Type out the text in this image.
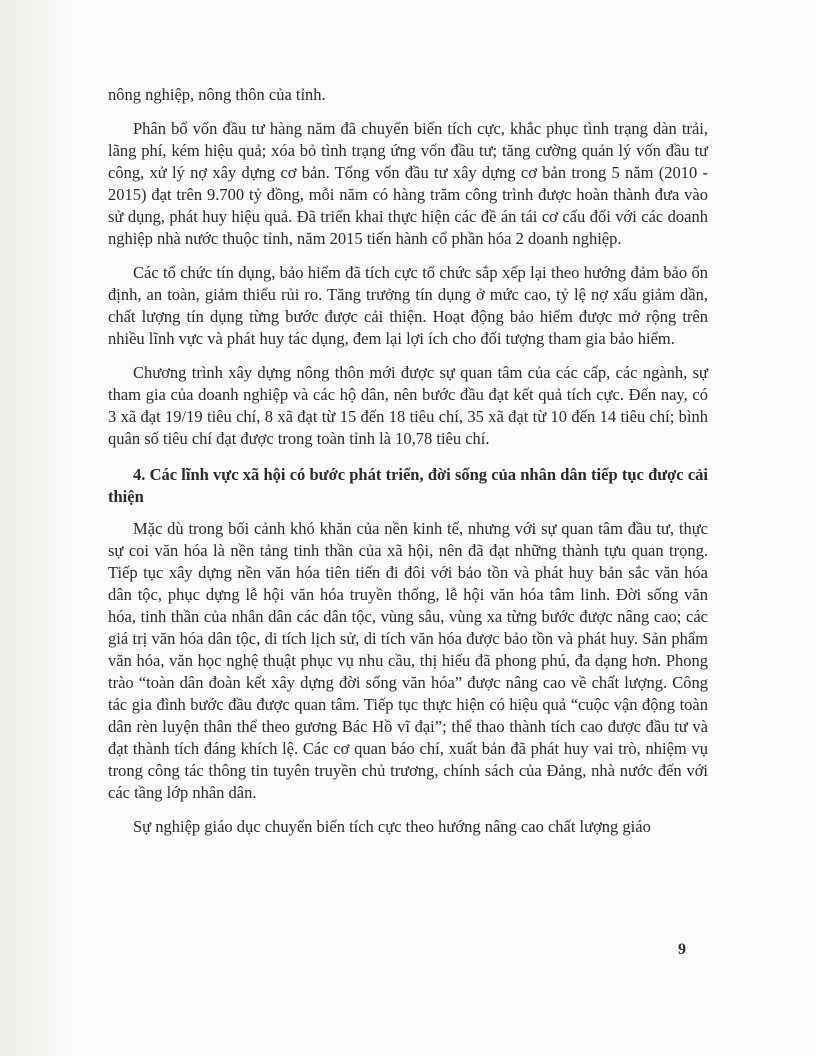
nông nghiệp, nông thôn của tỉnh.

Phân bổ vốn đầu tư hàng năm đã chuyển biến tích cực, khắc phục tình trạng dàn trải, lãng phí, kém hiệu quả; xóa bỏ tình trạng ứng vốn đầu tư; tăng cường quản lý vốn đầu tư công, xử lý nợ xây dựng cơ bản. Tổng vốn đầu tư xây dựng cơ bản trong 5 năm (2010 - 2015) đạt trên 9.700 tỷ đồng, mỗi năm có hàng trăm công trình được hoàn thành đưa vào sử dụng, phát huy hiệu quả. Đã triển khai thực hiện các đề án tái cơ cấu đối với các doanh nghiệp nhà nước thuộc tỉnh, năm 2015 tiến hành cổ phần hóa 2 doanh nghiệp.

Các tổ chức tín dụng, bảo hiểm đã tích cực tổ chức sắp xếp lại theo hướng đảm bảo ổn định, an toàn, giảm thiểu rủi ro. Tăng trưởng tín dụng ở mức cao, tỷ lệ nợ xấu giảm dần, chất lượng tín dụng từng bước được cải thiện. Hoạt động bảo hiểm được mở rộng trên nhiều lĩnh vực và phát huy tác dụng, đem lại lợi ích cho đối tượng tham gia bảo hiểm.

Chương trình xây dựng nông thôn mới được sự quan tâm của các cấp, các ngành, sự tham gia của doanh nghiệp và các hộ dân, nên bước đầu đạt kết quả tích cực. Đến nay, có 3 xã đạt 19/19 tiêu chí, 8 xã đạt từ 15 đến 18 tiêu chí, 35 xã đạt từ 10 đến 14 tiêu chí; bình quân số tiêu chí đạt được trong toàn tỉnh là 10,78 tiêu chí.

4. Các lĩnh vực xã hội có bước phát triển, đời sống của nhân dân tiếp tục được cải thiện

Mặc dù trong bối cảnh khó khăn của nền kinh tế, nhưng với sự quan tâm đầu tư, thực sự coi văn hóa là nền tảng tinh thần của xã hội, nên đã đạt những thành tựu quan trọng. Tiếp tục xây dựng nền văn hóa tiên tiến đi đôi với bảo tồn và phát huy bản sắc văn hóa dân tộc, phục dựng lễ hội văn hóa truyền thống, lễ hội văn hóa tâm linh. Đời sống văn hóa, tinh thần của nhân dân các dân tộc, vùng sâu, vùng xa từng bước được nâng cao; các giá trị văn hóa dân tộc, di tích lịch sử, di tích văn hóa được bảo tồn và phát huy. Sản phẩm văn hóa, văn học nghệ thuật phục vụ nhu cầu, thị hiếu đã phong phú, đa dạng hơn. Phong trào “toàn dân đoàn kết xây dựng đời sống văn hóa” được nâng cao về chất lượng. Công tác gia đình bước đầu được quan tâm. Tiếp tục thực hiện có hiệu quả “cuộc vận động toàn dân rèn luyện thân thể theo gương Bác Hồ vĩ đại”; thể thao thành tích cao được đầu tư và đạt thành tích đáng khích lệ. Các cơ quan báo chí, xuất bản đã phát huy vai trò, nhiệm vụ trong công tác thông tin tuyên truyền chủ trương, chính sách của Đảng, nhà nước đến với các tầng lớp nhân dân.

Sự nghiệp giáo dục chuyển biến tích cực theo hướng nâng cao chất lượng giáo

9
